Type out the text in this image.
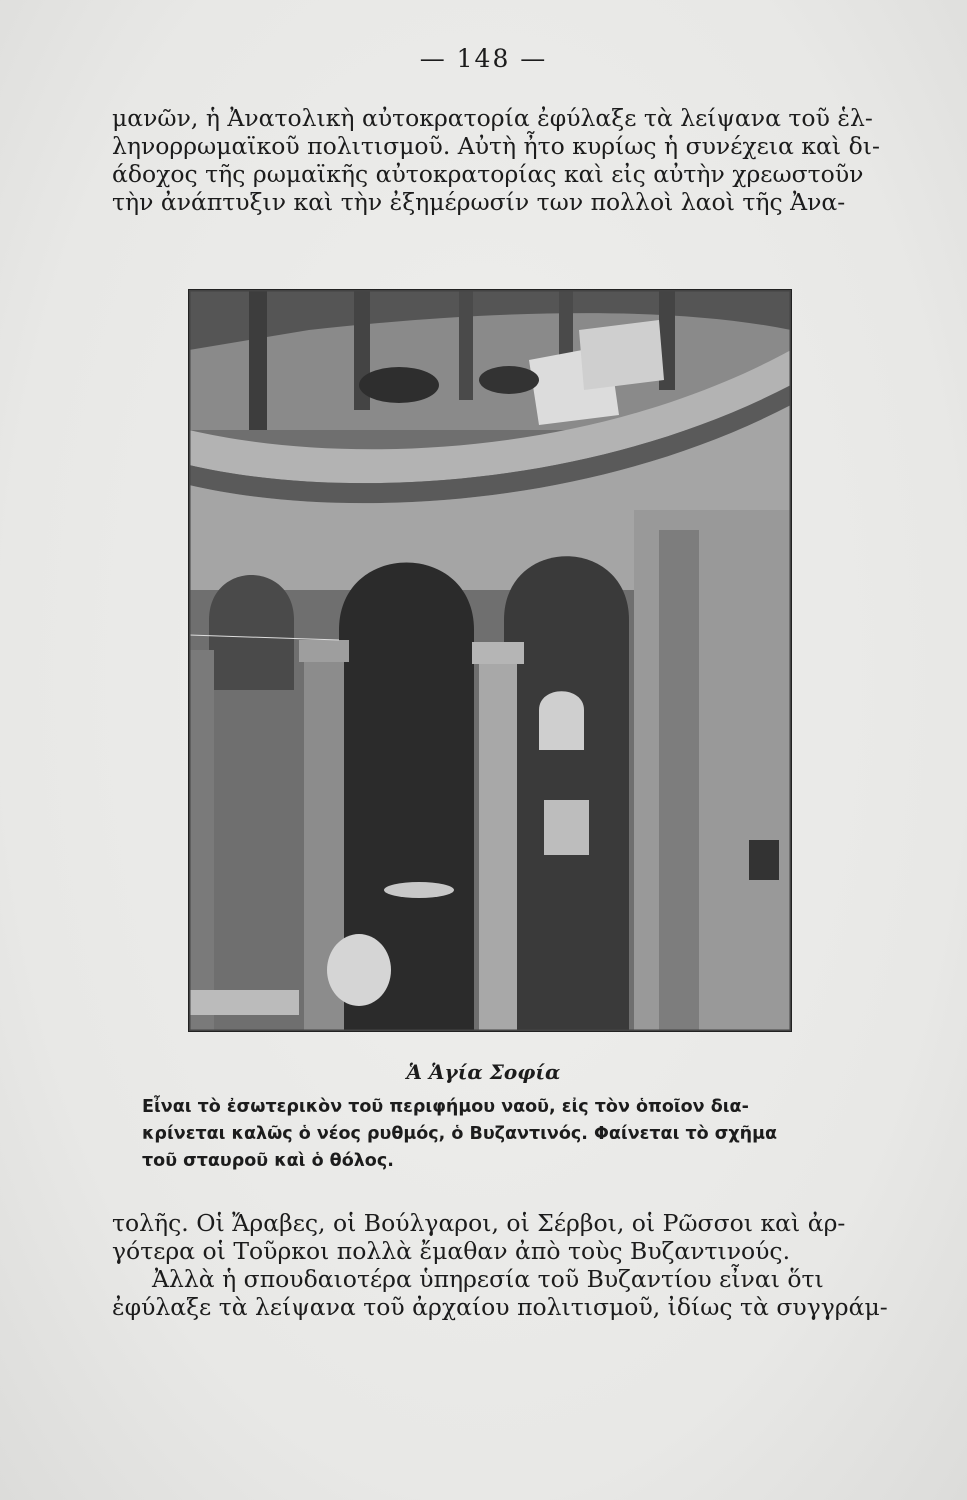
— 148 —
μανῶν, ἡ Ἀνατολικὴ αὐτοκρατορία ἐφύλαξε τὰ λείψανα τοῦ ἑλ-
ληνορρωμαϊκοῦ πολιτισμοῦ. Αὐτὴ ἦτο κυρίως ἡ συνέχεια καὶ δι-
άδοχος τῆς ρωμαϊκῆς αὐτοκρατορίας καὶ εἰς αὐτὴν χρεωστοῦν
τὴν ἀνάπτυξιν καὶ τὴν ἐξημέρωσίν των πολλοὶ λαοὶ τῆς Ἀνα-
Ἁ Ἁγία Σοφία
Εἶναι τὸ ἐσωτερικὸν τοῦ περιφήμου ναοῦ, εἰς τὸν ὁποῖον δια-
κρίνεται καλῶς ὁ νέος ρυθμός, ὁ Βυζαντινός. Φαίνεται τὸ σχῆμα
τοῦ σταυροῦ καὶ ὁ θόλος.
τολῆς. Οἱ Ἄραβες, οἱ Βούλγαροι, οἱ Σέρβοι, οἱ Ρῶσσοι καὶ ἀρ-
γότερα οἱ Τοῦρκοι πολλὰ ἔμαθαν ἀπὸ τοὺς Βυζαντινούς.
Ἀλλὰ ἡ σπουδαιοτέρα ὑπηρεσία τοῦ Βυζαντίου εἶναι ὅτι
ἐφύλαξε τὰ λείψανα τοῦ ἀρχαίου πολιτισμοῦ, ἰδίως τὰ συγγράμ-
